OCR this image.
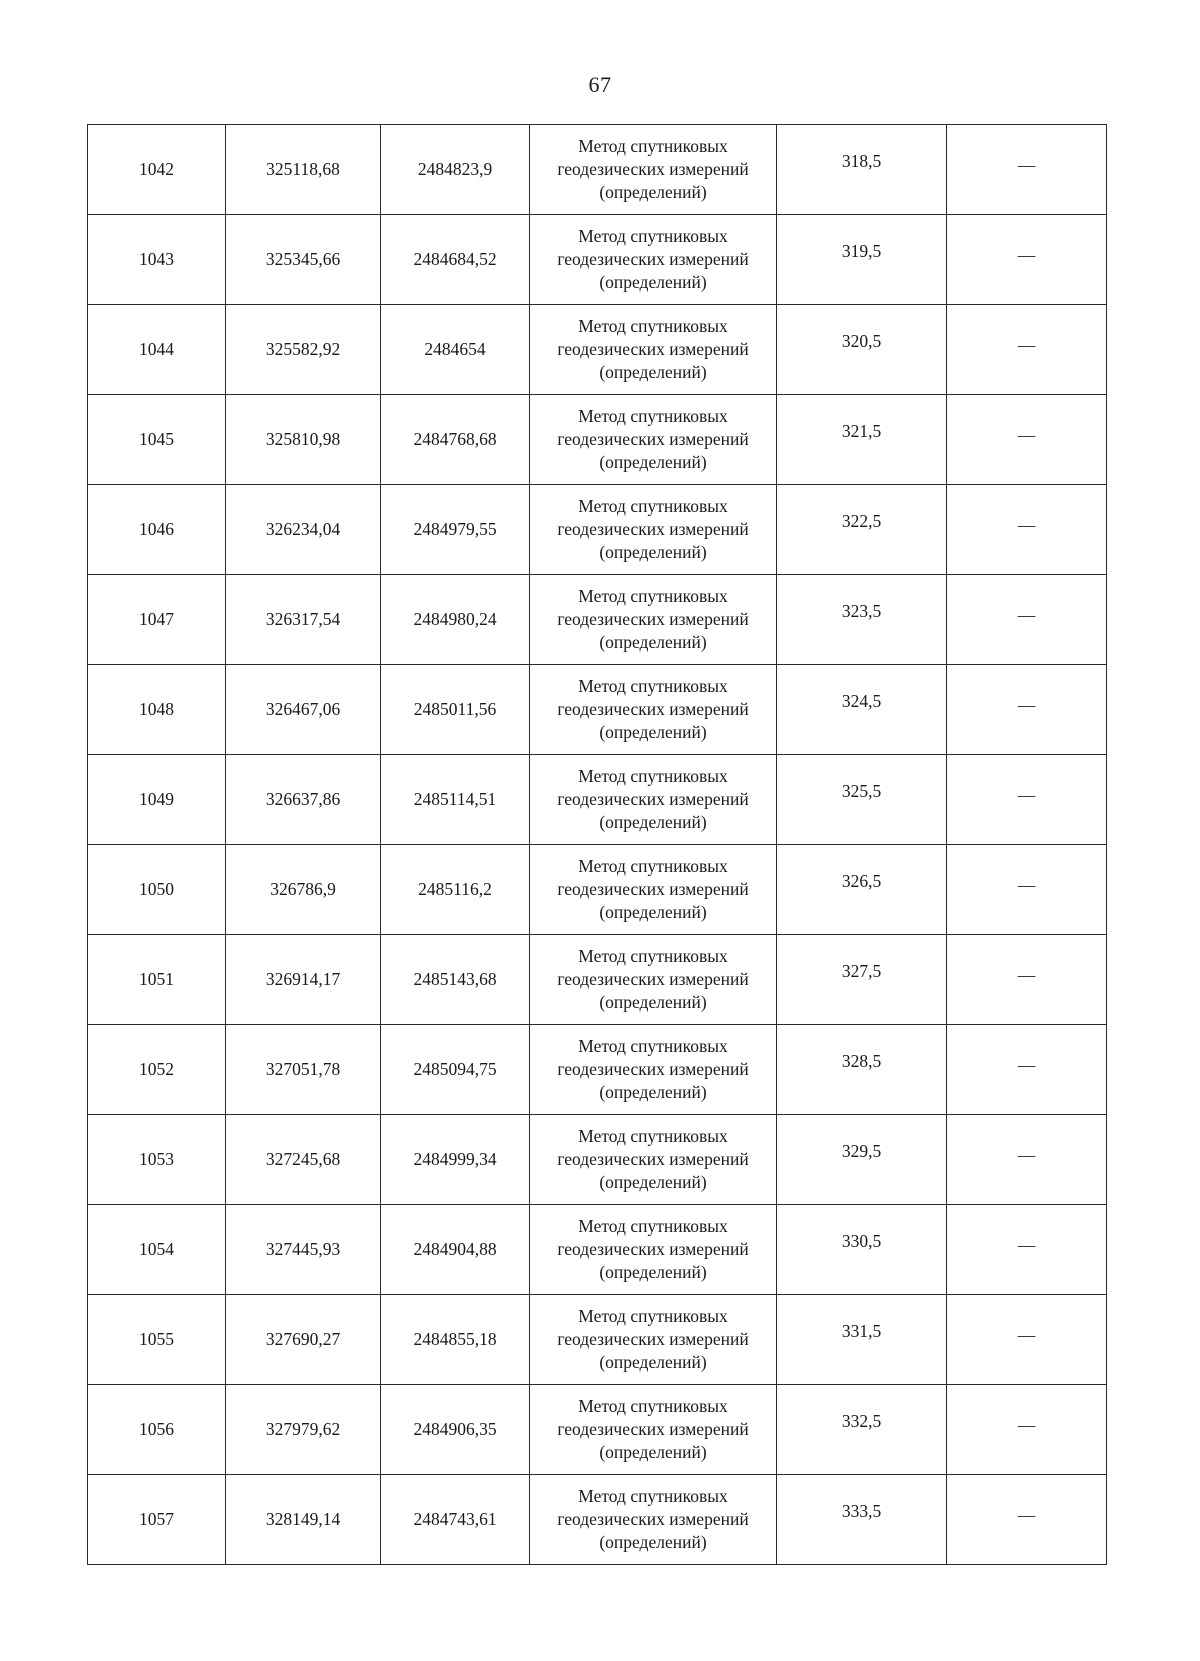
67
1042	325118,68	2484823,9	Метод спутниковых
геодезических измерений
(определений)	318,5	—
1043	325345,66	2484684,52	Метод спутниковых
геодезических измерений
(определений)	319,5	—
1044	325582,92	2484654	Метод спутниковых
геодезических измерений
(определений)	320,5	—
1045	325810,98	2484768,68	Метод спутниковых
геодезических измерений
(определений)	321,5	—
1046	326234,04	2484979,55	Метод спутниковых
геодезических измерений
(определений)	322,5	—
1047	326317,54	2484980,24	Метод спутниковых
геодезических измерений
(определений)	323,5	—
1048	326467,06	2485011,56	Метод спутниковых
геодезических измерений
(определений)	324,5	—
1049	326637,86	2485114,51	Метод спутниковых
геодезических измерений
(определений)	325,5	—
1050	326786,9	2485116,2	Метод спутниковых
геодезических измерений
(определений)	326,5	—
1051	326914,17	2485143,68	Метод спутниковых
геодезических измерений
(определений)	327,5	—
1052	327051,78	2485094,75	Метод спутниковых
геодезических измерений
(определений)	328,5	—
1053	327245,68	2484999,34	Метод спутниковых
геодезических измерений
(определений)	329,5	—
1054	327445,93	2484904,88	Метод спутниковых
геодезических измерений
(определений)	330,5	—
1055	327690,27	2484855,18	Метод спутниковых
геодезических измерений
(определений)	331,5	—
1056	327979,62	2484906,35	Метод спутниковых
геодезических измерений
(определений)	332,5	—
1057	328149,14	2484743,61	Метод спутниковых
геодезических измерений
(определений)	333,5	—
